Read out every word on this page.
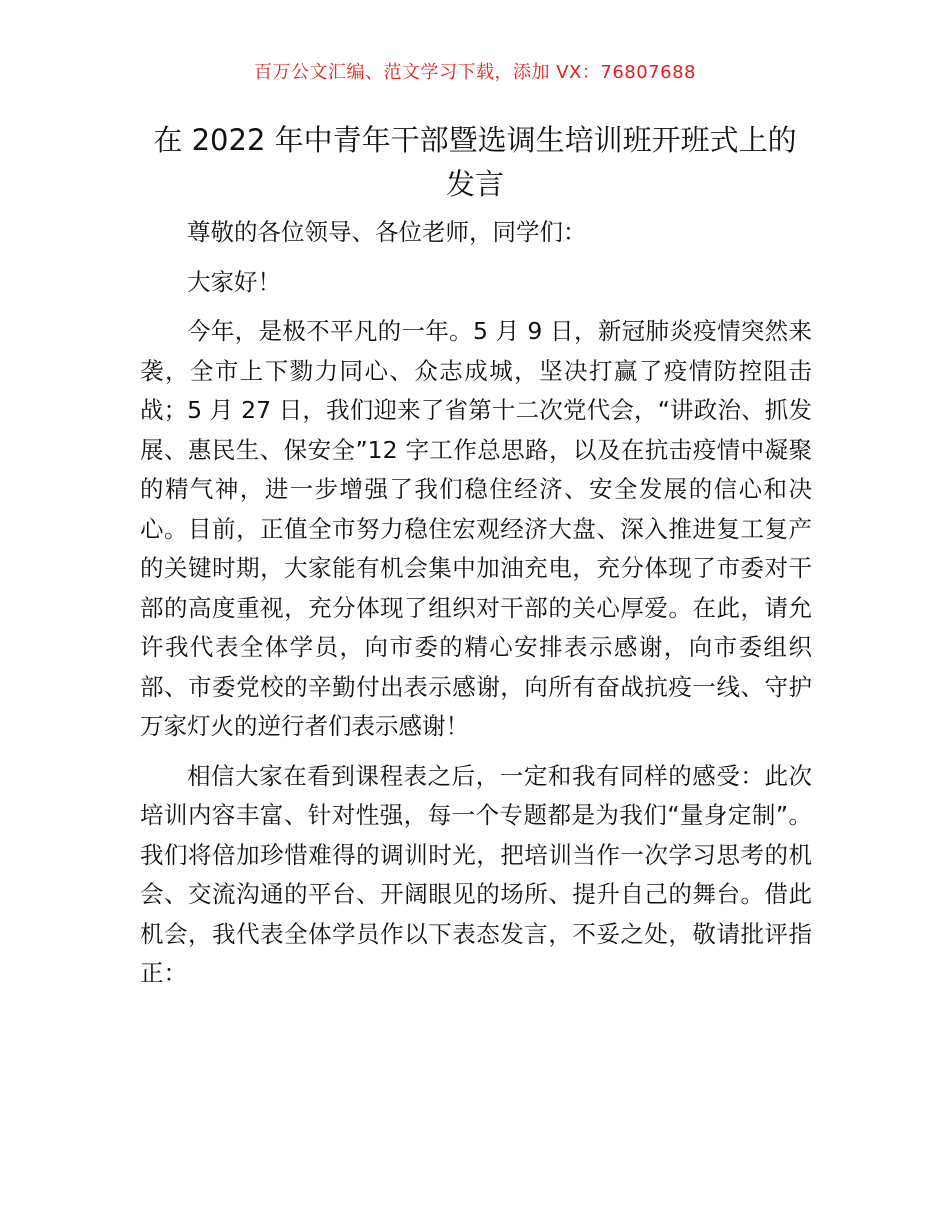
百万公文汇编、范文学习下载，添加 VX：76807688
在 2022 年中青年干部暨选调生培训班开班式上的发言

尊敬的各位领导、各位老师，同学们：

大家好！

今年，是极不平凡的一年。5 月 9 日，新冠肺炎疫情突然来袭，全市上下勠力同心、众志成城，坚决打赢了疫情防控阻击战；5 月 27 日，我们迎来了省第十二次党代会，“讲政治、抓发展、惠民生、保安全”12 字工作总思路，以及在抗击疫情中凝聚的精气神，进一步增强了我们稳住经济、安全发展的信心和决心。目前，正值全市努力稳住宏观经济大盘、深入推进复工复产的关键时期，大家能有机会集中加油充电，充分体现了市委对干部的高度重视，充分体现了组织对干部的关心厚爱。在此，请允许我代表全体学员，向市委的精心安排表示感谢，向市委组织部、市委党校的辛勤付出表示感谢，向所有奋战抗疫一线、守护万家灯火的逆行者们表示感谢！

相信大家在看到课程表之后，一定和我有同样的感受：此次培训内容丰富、针对性强，每一个专题都是为我们“量身定制”。我们将倍加珍惜难得的调训时光，把培训当作一次学习思考的机会、交流沟通的平台、开阔眼见的场所、提升自己的舞台。借此机会，我代表全体学员作以下表态发言，不妥之处，敬请批评指正：
